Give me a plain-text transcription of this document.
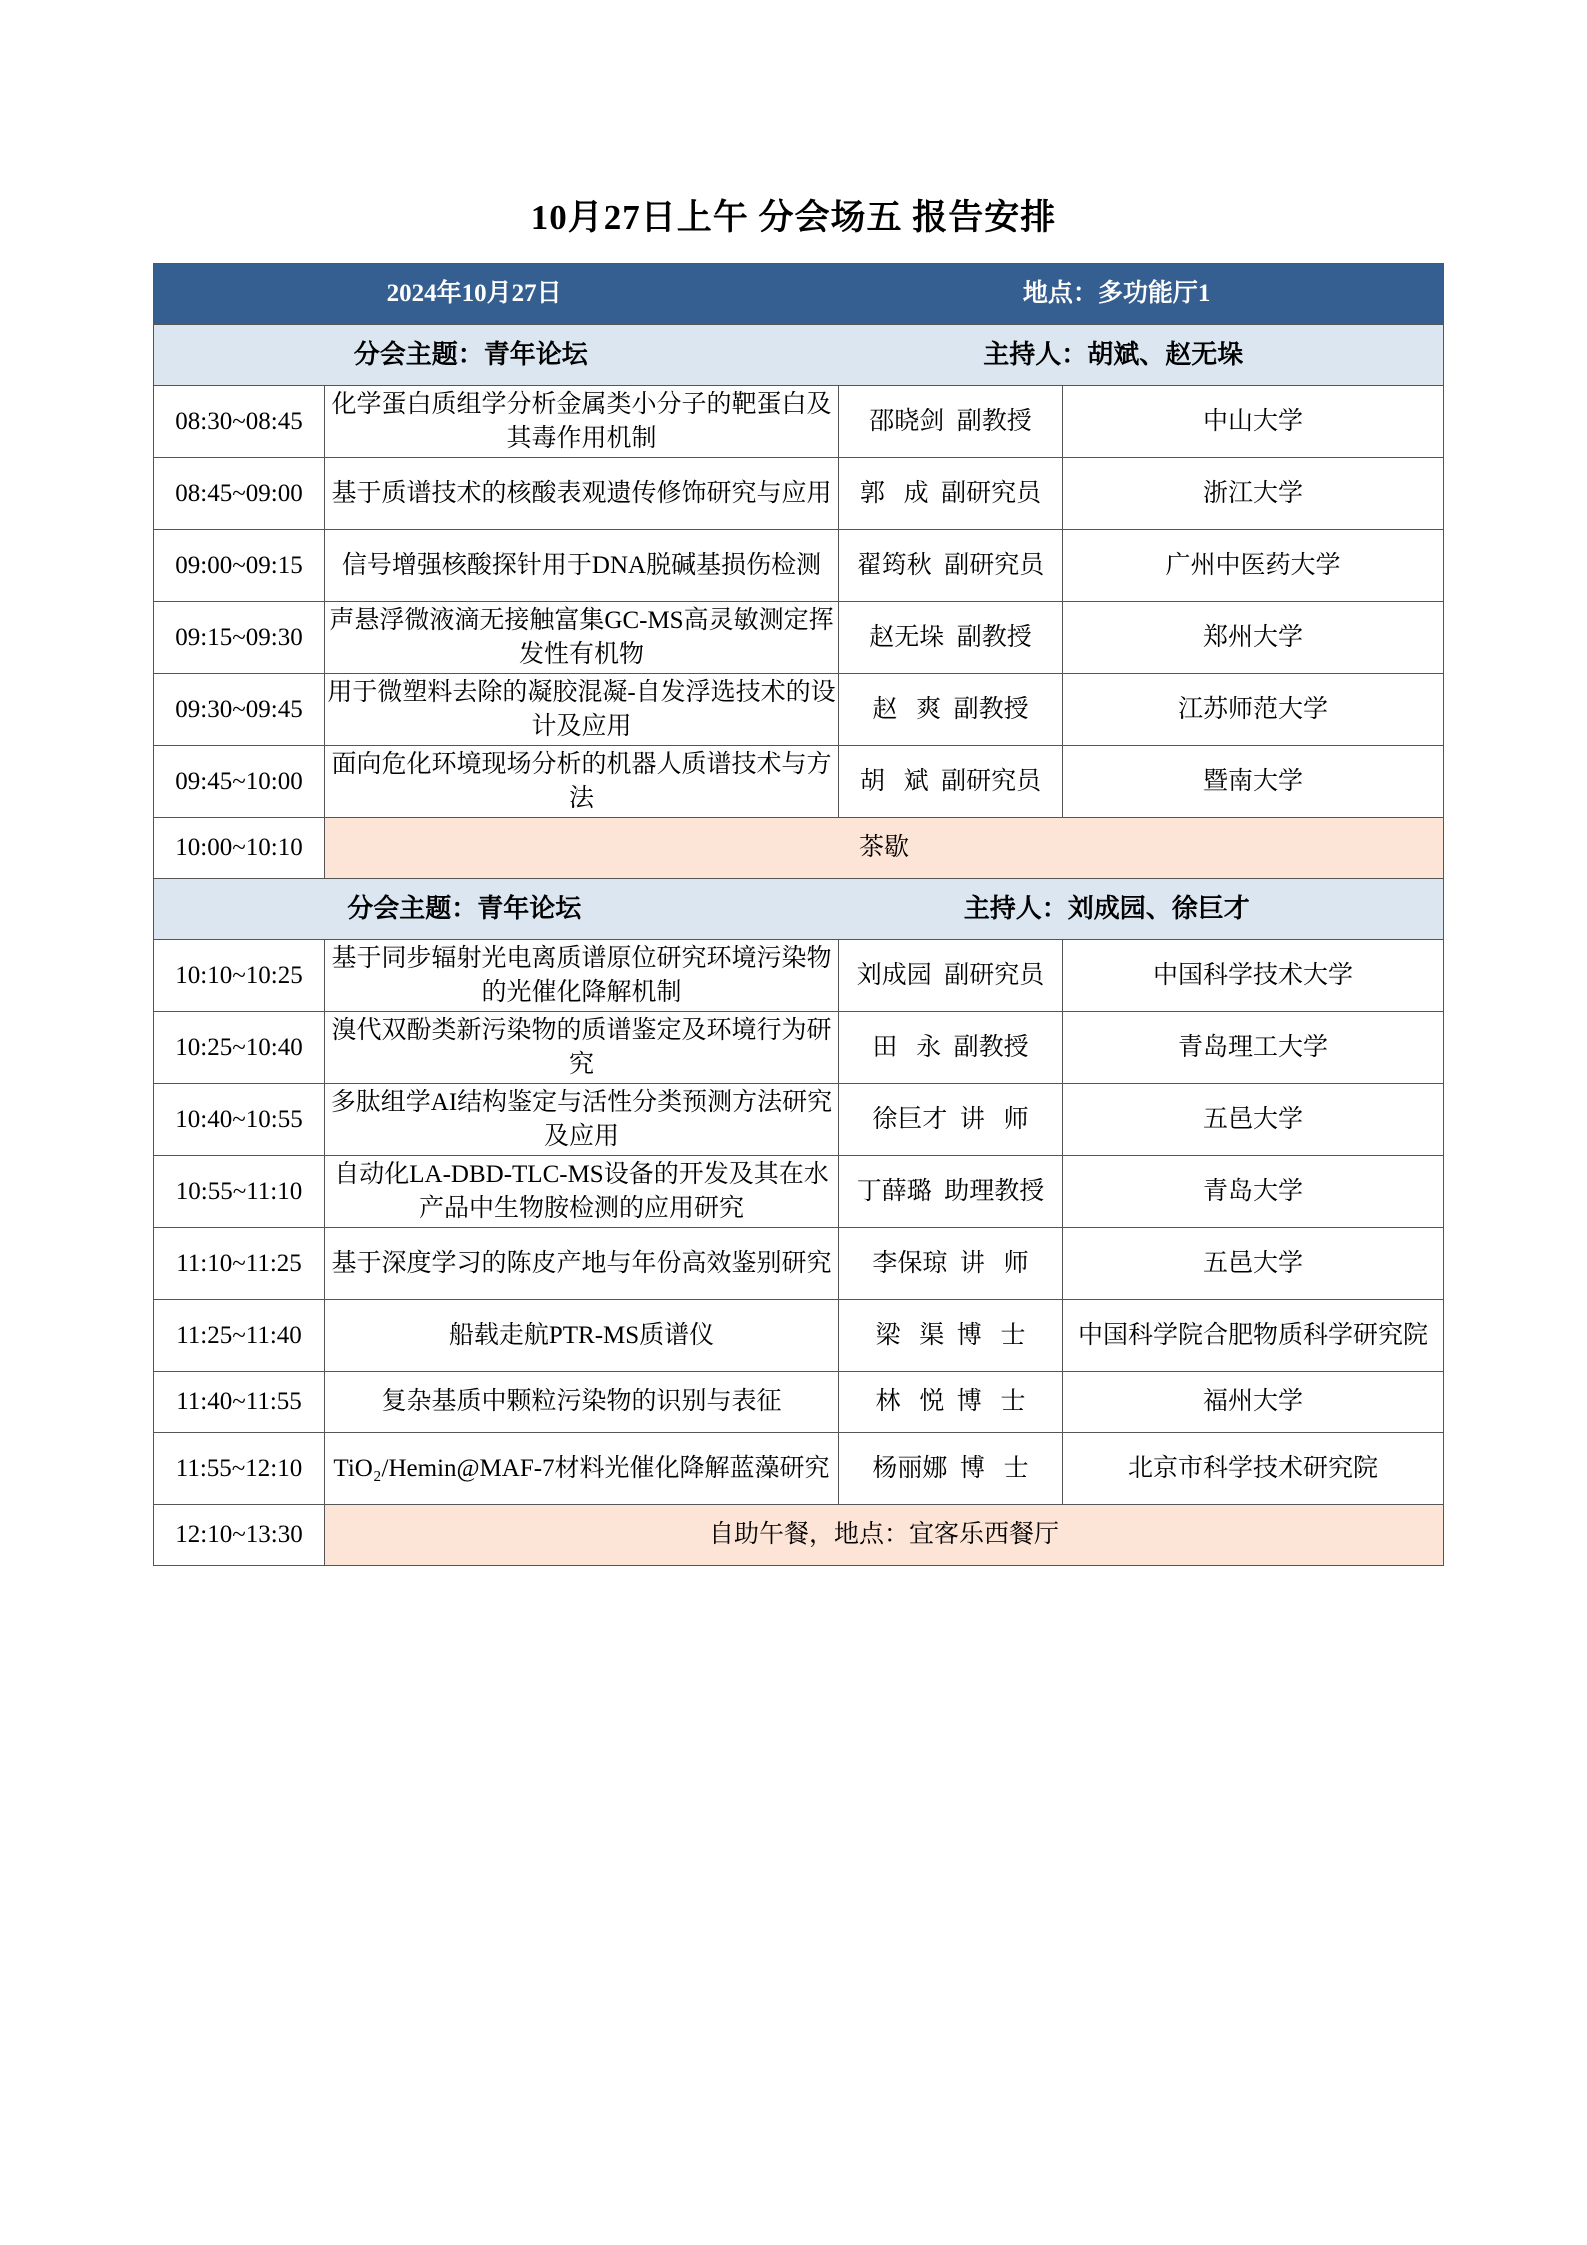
10月27日上午 分会场五 报告安排
2024年10月27日 地点：多功能厅1			

分会主题：青年论坛 主持人：胡斌、赵无垛			

08:30~08:45	化学蛋白质组学分析金属类小分子的靶蛋白及其毒作用机制	邵晓剑  副教授	中山大学
08:45~09:00	基于质谱技术的核酸表观遗传修饰研究与应用	郭   成  副研究员	浙江大学
09:00~09:15	信号增强核酸探针用于DNA脱碱基损伤检测	翟筠秋  副研究员	广州中医药大学
09:15~09:30	声悬浮微液滴无接触富集GC-MS高灵敏测定挥发性有机物	赵无垛  副教授	郑州大学
09:30~09:45	用于微塑料去除的凝胶混凝-自发浮选技术的设计及应用	赵   爽  副教授	江苏师范大学
09:45~10:00	面向危化环境现场分析的机器人质谱技术与方法	胡   斌  副研究员	暨南大学
10:00~10:10	茶歇		

分会主题：青年论坛 主持人：刘成园、徐巨才			

10:10~10:25	基于同步辐射光电离质谱原位研究环境污染物的光催化降解机制	刘成园  副研究员	中国科学技术大学
10:25~10:40	溴代双酚类新污染物的质谱鉴定及环境行为研究	田   永  副教授	青岛理工大学
10:40~10:55	多肽组学AI结构鉴定与活性分类预测方法研究及应用	徐巨才  讲   师	五邑大学
10:55~11:10	自动化LA-DBD-TLC-MS设备的开发及其在水产品中生物胺检测的应用研究	丁薛璐  助理教授	青岛大学
11:10~11:25	基于深度学习的陈皮产地与年份高效鉴别研究	李保琼  讲   师	五邑大学
11:25~11:40	船载走航PTR-MS质谱仪	梁   渠  博   士	中国科学院合肥物质科学研究院
11:40~11:55	复杂基质中颗粒污染物的识别与表征	林   悦  博   士	福州大学
11:55~12:10	TiO₂/Hemin@MAF-7材料光催化降解蓝藻研究	杨丽娜  博   士	北京市科学技术研究院
12:10~13:30	自助午餐，地点：宜客乐西餐厅		
